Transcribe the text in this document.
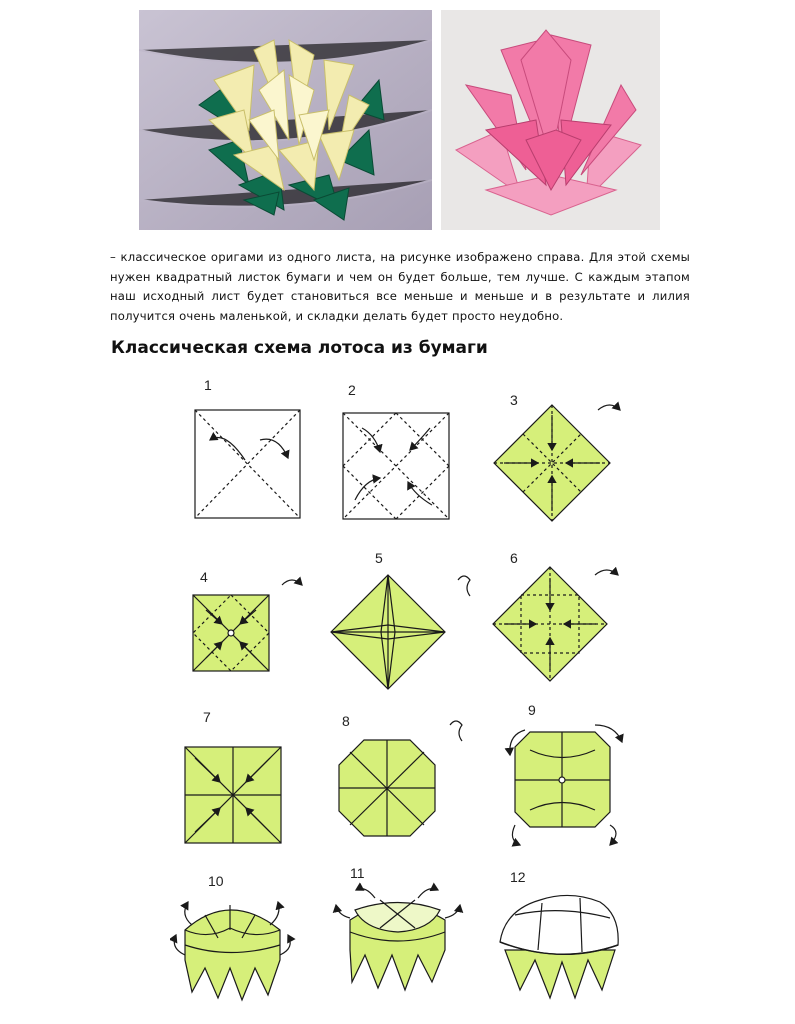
– классическое оригами из одного листа, на рисунке изображено справа. Для этой схемы нужен квадратный листок бумаги и чем он будет больше, тем лучше. С каждым этапом наш исходный лист будет становиться все меньше и меньше и в результате и лилия получится очень маленькой, и складки делать будет просто неудобно.

Классическая схема лотоса из бумаги
1	2
3
4
5	6
7	8
9
10	11	12
